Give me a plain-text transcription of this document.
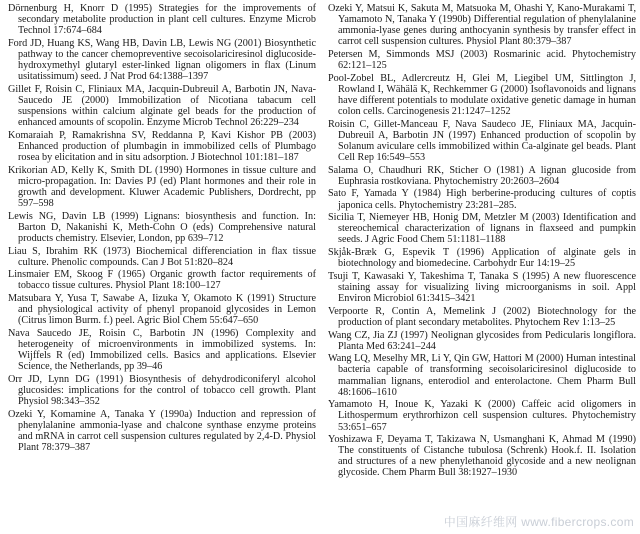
Dörnenburg H, Knorr D (1995) Strategies for the improvements of secondary metabolite production in plant cell cultures. Enzyme Microb Technol 17:674–684

Ford JD, Huang KS, Wang HB, Davin LB, Lewis NG (2001) Biosynthetic pathway to the cancer chemopreventive secoisolariciresinol diglucoside-hydroxymethyl glutaryl ester-linked lignan oligomers in flax (Linum usitatissimum) seed. J Nat Prod 64:1388–1397

Gillet F, Roisin C, Fliniaux MA, Jacquin-Dubreuil A, Barbotin JN, Nava-Saucedo JE (2000) Immobilization of Nicotiana tabacum cell suspensions within calcium alginate gel beads for the production of enhanced amounts of scopolin. Enzyme Microb Technol 26:229–234

Komaraiah P, Ramakrishna SV, Reddanna P, Kavi Kishor PB (2003) Enhanced production of plumbagin in immobilized cells of Plumbago rosea by elicitation and in situ adsorption. J Biotechnol 101:181–187

Krikorian AD, Kelly K, Smith DL (1990) Hormones in tissue culture and micro-propagation. In: Davies PJ (ed) Plant hormones and their role in growth and development. Kluwer Academic Publishers, Dordrecht, pp 597–598

Lewis NG, Davin LB (1999) Lignans: biosynthesis and function. In: Barton D, Nakanishi K, Meth-Cohn O (eds) Comprehensive natural products chemistry. Elsevier, London, pp 639–712

Liau S, Ibrahim RK (1973) Biochemical differenciation in flax tissue culture. Phenolic compounds. Can J Bot 51:820–824

Linsmaier EM, Skoog F (1965) Organic growth factor requirements of tobacco tissue cultures. Physiol Plant 18:100–127

Matsubara Y, Yusa T, Sawabe A, Iizuka Y, Okamoto K (1991) Structure and physiological activity of phenyl propanoid glycosides in Lemon (Citrus limon Burm. f.) peel. Agric Biol Chem 55:647–650

Nava Saucedo JE, Roisin C, Barbotin JN (1996) Complexity and heterogeneity of microenvironments in immobilized systems. In: Wijffels R (ed) Immobilized cells. Basics and applications. Elsevier Science, the Netherlands, pp 39–46

Orr JD, Lynn DG (1991) Biosynthesis of dehydrodiconiferyl alcohol glucosides: implications for the control of tobacco cell growth. Plant Physiol 98:343–352

Ozeki Y, Komamine A, Tanaka Y (1990a) Induction and repression of phenylalanine ammonia-lyase and chalcone synthase enzyme proteins and mRNA in carrot cell suspension cultures regulated by 2,4-D. Physiol Plant 78:379–387

Ozeki Y, Matsui K, Sakuta M, Matsuoka M, Ohashi Y, Kano-Murakami T, Yamamoto N, Tanaka Y (1990b) Differential regulation of phenylalanine ammonia-lyase genes during anthocyanin synthesis by transfer effect in carrot cell suspension cultures. Physiol Plant 80:379–387

Petersen M, Simmonds MSJ (2003) Rosmarinic acid. Phytochemistry 62:121–125

Pool-Zobel BL, Adlercreutz H, Glei M, Liegibel UM, Sittlington J, Rowland I, Wähälä K, Rechkemmer G (2000) Isoflavonoids and lignans have different potentials to modulate oxidative genetic damage in human colon cells. Carcinogenesis 21:1247–1252

Roisin C, Gillet-Manceau F, Nava Saudeco JE, Fliniaux MA, Jacquin-Dubreuil A, Barbotin JN (1997) Enhanced production of scopolin by Solanum aviculare cells immobilized within Ca-alginate gel beads. Plant Cell Rep 16:549–553

Salama O, Chaudhuri RK, Sticher O (1981) A lignan glucoside from Euphrasia rostkoviana. Phytochemistry 20:2603–2604

Sato F, Yamada Y (1984) High berberine-producing cultures of coptis japonica cells. Phytochemistry 23:281–285.

Sicilia T, Niemeyer HB, Honig DM, Metzler M (2003) Identification and stereochemical characterization of lignans in flaxseed and pumpkin seeds. J Agric Food Chem 51:1181–1188

Skjåk-Bræk G, Espevik T (1996) Application of alginate gels in biotechnology and biomedecine. Carbohydr Eur 14:19–25

Tsuji T, Kawasaki Y, Takeshima T, Tanaka S (1995) A new fluorescence staining assay for visualizing living microorganisms in soil. Appl Environ Microbiol 61:3415–3421

Verpoorte R, Contin A, Memelink J (2002) Biotechnology for the production of plant secondary metabolites. Phytochem Rev 1:13–25

Wang CZ, Jia ZJ (1997) Neolignan glycosides from Pedicularis longiflora. Planta Med 63:241–244

Wang LQ, Meselhy MR, Li Y, Qin GW, Hattori M (2000) Human intestinal bacteria capable of transforming secoisolariciresinol diglucoside to mammalian lignans, enterodiol and enterolactone. Chem Pharm Bull 48:1606–1610

Yamamoto H, Inoue K, Yazaki K (2000) Caffeic acid oligomers in Lithospermum erythrorhizon cell suspension cultures. Phytochemistry 53:651–657

Yoshizawa F, Deyama T, Takizawa N, Usmanghani K, Ahmad M (1990) The constituents of Cistanche tubulosa (Schrenk) Hook.f. II. Isolation and structures of a new phenylethanoid glycoside and a new neolignan glycoside. Chem Pharm Bull 38:1927–1930

中国麻纤维网 www.fibercrops.com
